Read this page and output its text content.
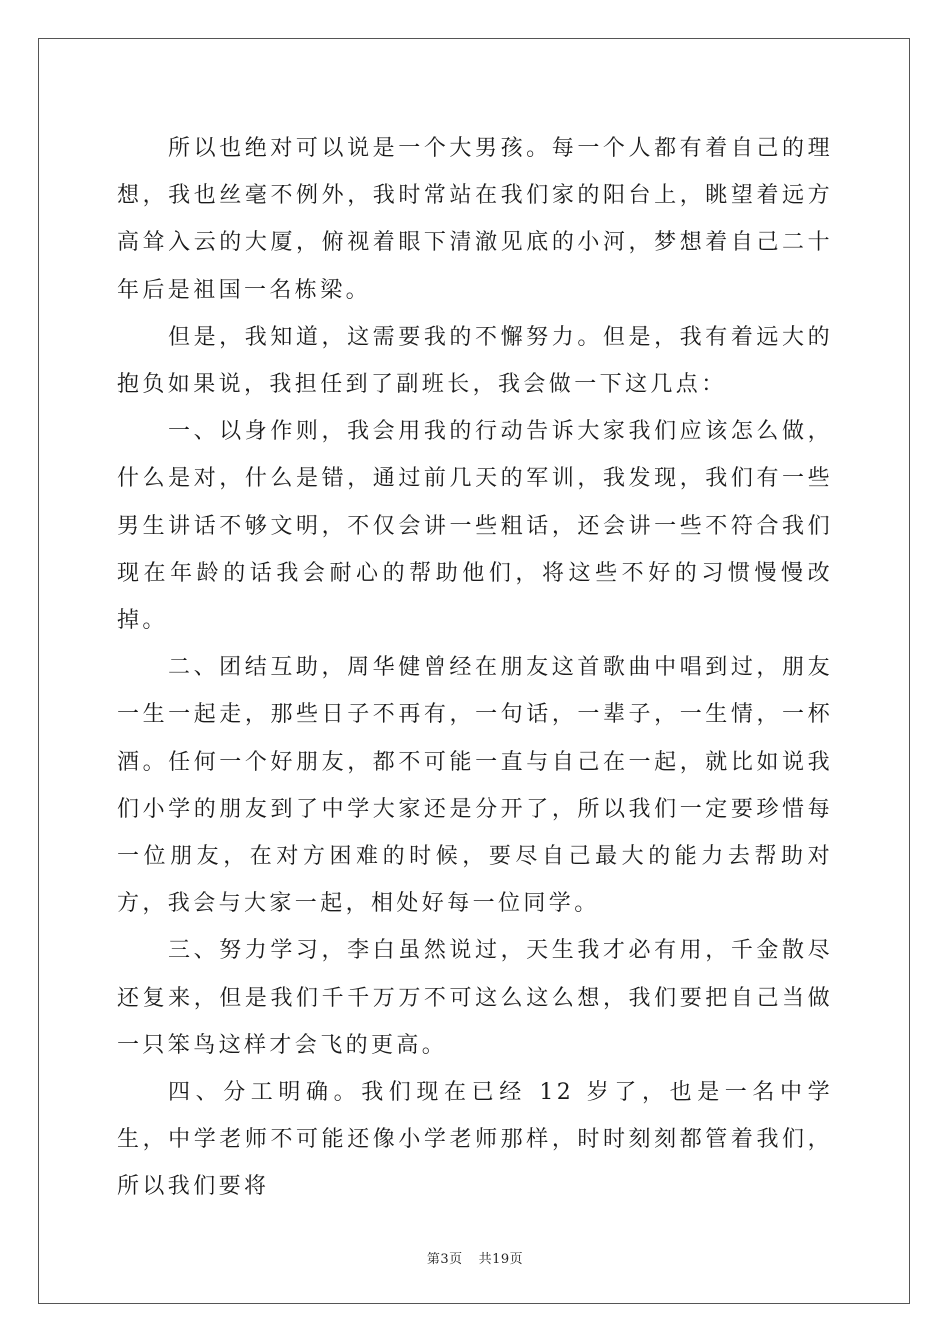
所以也绝对可以说是一个大男孩。每一个人都有着自己的理想，我也丝毫不例外，我时常站在我们家的阳台上，眺望着远方高耸入云的大厦，俯视着眼下清澈见底的小河，梦想着自己二十年后是祖国一名栋梁。

但是，我知道，这需要我的不懈努力。但是，我有着远大的抱负如果说，我担任到了副班长，我会做一下这几点：

一、以身作则，我会用我的行动告诉大家我们应该怎么做，什么是对，什么是错，通过前几天的军训，我发现，我们有一些男生讲话不够文明，不仅会讲一些粗话，还会讲一些不符合我们现在年龄的话我会耐心的帮助他们，将这些不好的习惯慢慢改掉。

二、团结互助，周华健曾经在朋友这首歌曲中唱到过，朋友一生一起走，那些日子不再有，一句话，一辈子，一生情，一杯酒。任何一个好朋友，都不可能一直与自己在一起，就比如说我们小学的朋友到了中学大家还是分开了，所以我们一定要珍惜每一位朋友，在对方困难的时候，要尽自己最大的能力去帮助对方，我会与大家一起，相处好每一位同学。

三、努力学习，李白虽然说过，天生我才必有用，千金散尽还复来，但是我们千千万万不可这么这么想，我们要把自己当做一只笨鸟这样才会飞的更高。

四、分工明确。我们现在已经 12 岁了，也是一名中学生，中学老师不可能还像小学老师那样，时时刻刻都管着我们，所以我们要将

第3页 共19页
